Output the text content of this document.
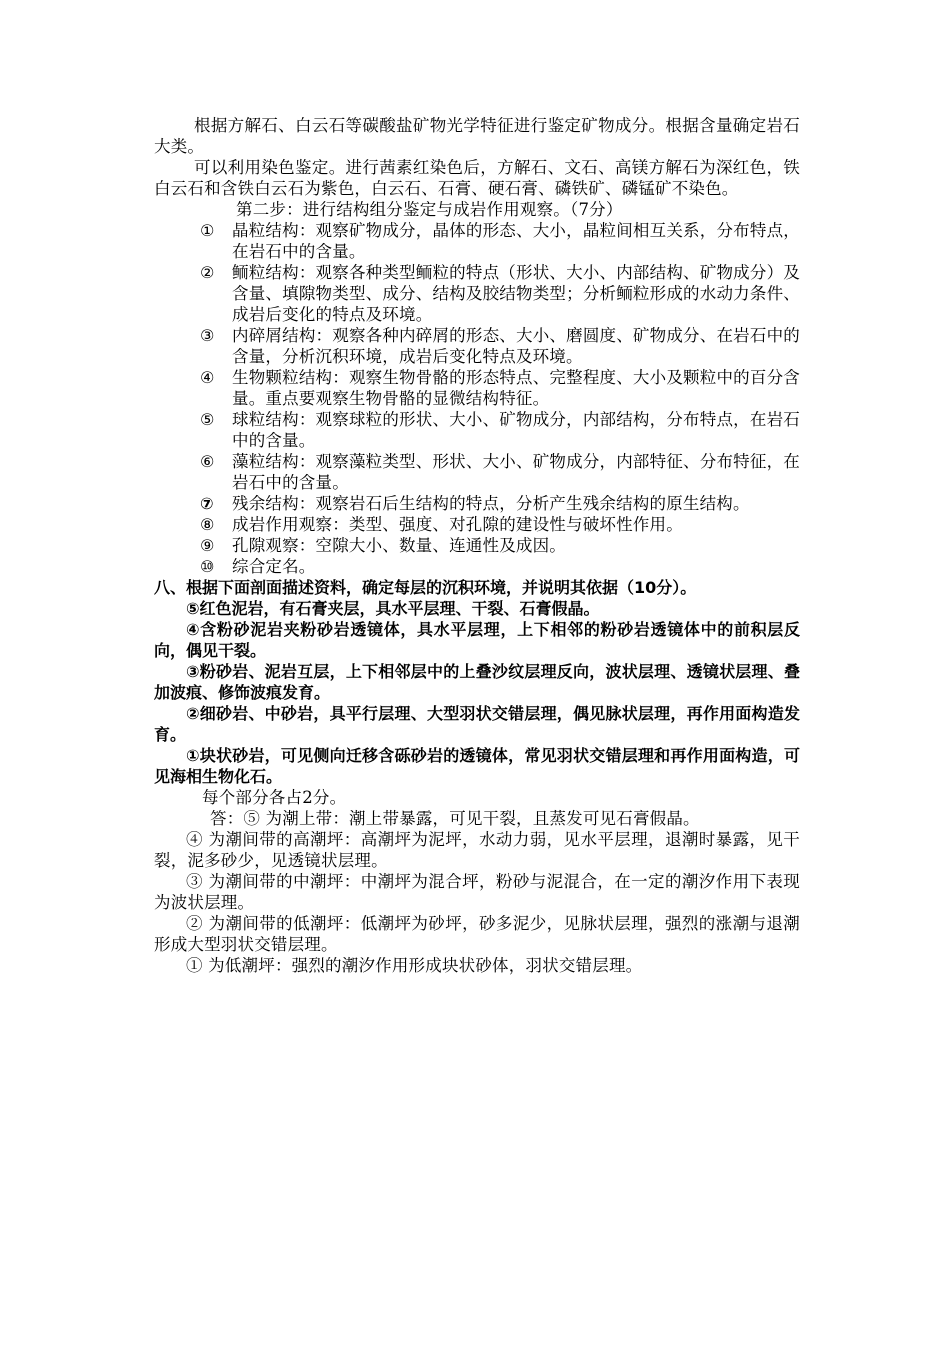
根据方解石、白云石等碳酸盐矿物光学特征进行鉴定矿物成分。根据含量确定岩石大类。

可以利用染色鉴定。进行茜素红染色后，方解石、文石、高镁方解石为深红色，铁白云石和含铁白云石为紫色，白云石、石膏、硬石膏、磷铁矿、磷锰矿不染色。

第二步：进行结构组分鉴定与成岩作用观察。（7分）

①	晶粒结构：观察矿物成分，晶体的形态、大小，晶粒间相互关系，分布特点，在岩石中的含量。
②	鲕粒结构：观察各种类型鲕粒的特点（形状、大小、内部结构、矿物成分）及含量、填隙物类型、成分、结构及胶结物类型；分析鲕粒形成的水动力条件、成岩后变化的特点及环境。
③	内碎屑结构：观察各种内碎屑的形态、大小、磨圆度、矿物成分、在岩石中的含量，分析沉积环境，成岩后变化特点及环境。
④	生物颗粒结构：观察生物骨骼的形态特点、完整程度、大小及颗粒中的百分含量。重点要观察生物骨骼的显微结构特征。
⑤	球粒结构：观察球粒的形状、大小、矿物成分，内部结构，分布特点，在岩石中的含量。
⑥	藻粒结构：观察藻粒类型、形状、大小、矿物成分，内部特征、分布特征，在岩石中的含量。
⑦	残余结构：观察岩石后生结构的特点，分析产生残余结构的原生结构。
⑧	成岩作用观察：类型、强度、对孔隙的建设性与破坏性作用。
⑨	孔隙观察：空隙大小、数量、连通性及成因。
⑩	综合定名。

八、根据下面剖面描述资料，确定每层的沉积环境，并说明其依据（10分）。

⑤红色泥岩，有石膏夹层，具水平层理、干裂、石膏假晶。

④含粉砂泥岩夹粉砂岩透镜体，具水平层理，上下相邻的粉砂岩透镜体中的前积层反向，偶见干裂。

③粉砂岩、泥岩互层，上下相邻层中的上叠沙纹层理反向，波状层理、透镜状层理、叠加波痕、修饰波痕发育。

②细砂岩、中砂岩，具平行层理、大型羽状交错层理，偶见脉状层理，再作用面构造发育。

①块状砂岩，可见侧向迁移含砾砂岩的透镜体，常见羽状交错层理和再作用面构造，可见海相生物化石。

每个部分各占2分。

答：⑤ 为潮上带：潮上带暴露，可见干裂，且蒸发可见石膏假晶。

④ 为潮间带的高潮坪：高潮坪为泥坪，水动力弱，见水平层理，退潮时暴露，见干裂，泥多砂少，见透镜状层理。

③ 为潮间带的中潮坪：中潮坪为混合坪，粉砂与泥混合，在一定的潮汐作用下表现为波状层理。

② 为潮间带的低潮坪：低潮坪为砂坪，砂多泥少，见脉状层理，强烈的涨潮与退潮形成大型羽状交错层理。

① 为低潮坪：强烈的潮汐作用形成块状砂体，羽状交错层理。
